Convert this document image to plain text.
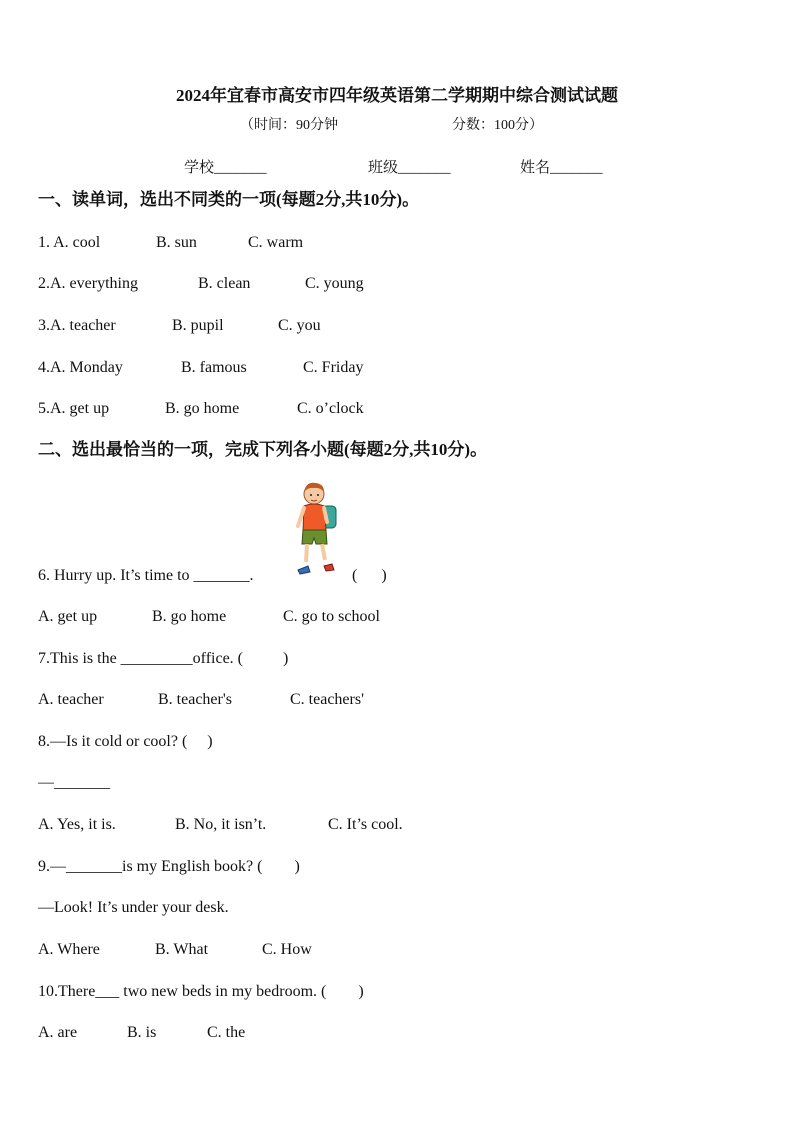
2024年宜春市高安市四年级英语第二学期期中综合测试试题
（时间：90分钟	分数：100分）
学校_______	班级_______	姓名_______
一、读单词，选出不同类的一项(每题2分,共10分)。
1. A. cool	B. sun	C. warm
2.A. everything	B. clean	C. young
3.A. teacher	B. pupil	C. you
4.A. Monday	B. famous	C. Friday
5.A. get up	B. go home	C. o’clock
二、选出最恰当的一项，完成下列各小题(每题2分,共10分)。
6. Hurry up. It’s time to _______.	(      )
A. get up	B. go home	C. go to school
7.This is the _________office. (          )
A. teacher	B. teacher's	C. teachers'
8.—Is it cold or cool? (     )
—_______
A. Yes, it is.	B. No, it isn’t.	C. It’s cool.
9.—_______is my English book? (        )
—Look! It’s under your desk.
A. Where	B. What	C. How
10.There___ two new beds in my bedroom. (        )
A. are	B. is	C. the
